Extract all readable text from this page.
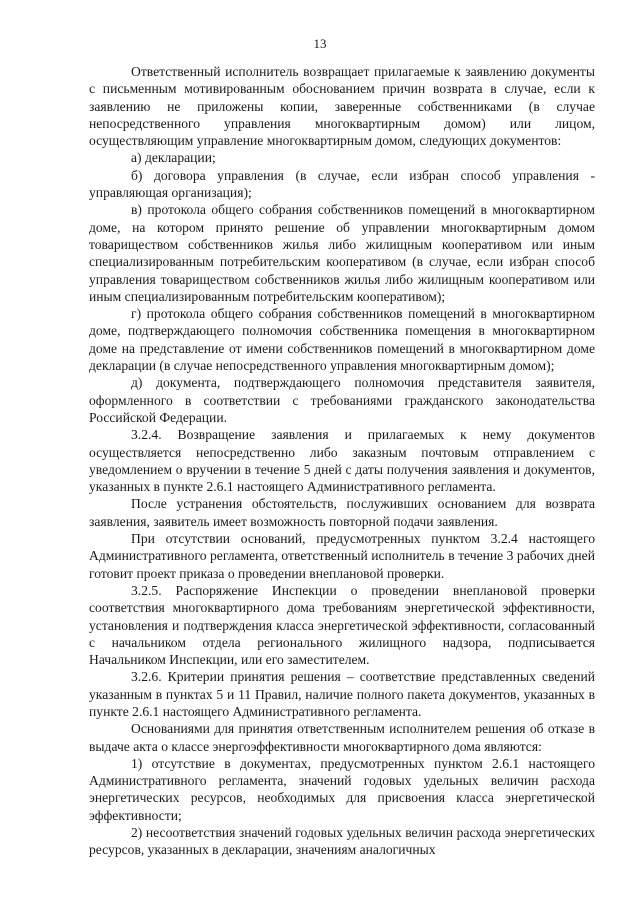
13

Ответственный исполнитель возвращает прилагаемые к заявлению документы с письменным мотивированным обоснованием причин возврата в случае, если к заявлению не приложены копии, заверенные собственниками (в случае непосредственного управления многоквартирным домом) или лицом, осуществляющим управление многоквартирным домом, следующих документов:

а) декларации;

б) договора управления (в случае, если избран способ управления - управляющая организация);

в) протокола общего собрания собственников помещений в многоквартирном доме, на котором принято решение об управлении многоквартирным домом товариществом собственников жилья либо жилищным кооперативом или иным специализированным потребительским кооперативом (в случае, если избран способ управления товариществом собственников жилья либо жилищным кооперативом или иным специализированным потребительским кооперативом);

г) протокола общего собрания собственников помещений в многоквартирном доме, подтверждающего полномочия собственника помещения в многоквартирном доме на представление от имени собственников помещений в многоквартирном доме декларации (в случае непосредственного управления многоквартирным домом);

д) документа, подтверждающего полномочия представителя заявителя, оформленного в соответствии с требованиями гражданского законодательства Российской Федерации.

3.2.4. Возвращение заявления и прилагаемых к нему документов осуществляется непосредственно либо заказным почтовым отправлением с уведомлением о вручении в течение 5 дней с даты получения заявления и документов, указанных в пункте 2.6.1 настоящего Административного регламента.

После устранения обстоятельств, послуживших основанием для возврата заявления, заявитель имеет возможность повторной подачи заявления.

При отсутствии оснований, предусмотренных пунктом 3.2.4 настоящего Административного регламента, ответственный исполнитель в течение 3 рабочих дней готовит проект приказа о проведении внеплановой проверки.

3.2.5. Распоряжение Инспекции о проведении внеплановой проверки соответствия многоквартирного дома требованиям энергетической эффективности, установления и подтверждения класса энергетической эффективности, согласованный с начальником отдела регионального жилищного надзора, подписывается Начальником Инспекции, или его заместителем.

3.2.6. Критерии принятия решения – соответствие представленных сведений указанным в пунктах 5 и 11 Правил, наличие полного пакета документов, указанных в пункте 2.6.1 настоящего Административного регламента.

Основаниями для принятия ответственным исполнителем решения об отказе в выдаче акта о классе энергоэффективности многоквартирного дома являются:

1) отсутствие в документах, предусмотренных пунктом 2.6.1 настоящего Административного регламента, значений годовых удельных величин расхода энергетических ресурсов, необходимых для присвоения класса энергетической эффективности;

2) несоответствия значений годовых удельных величин расхода энергетических ресурсов, указанных в декларации, значениям аналогичных
